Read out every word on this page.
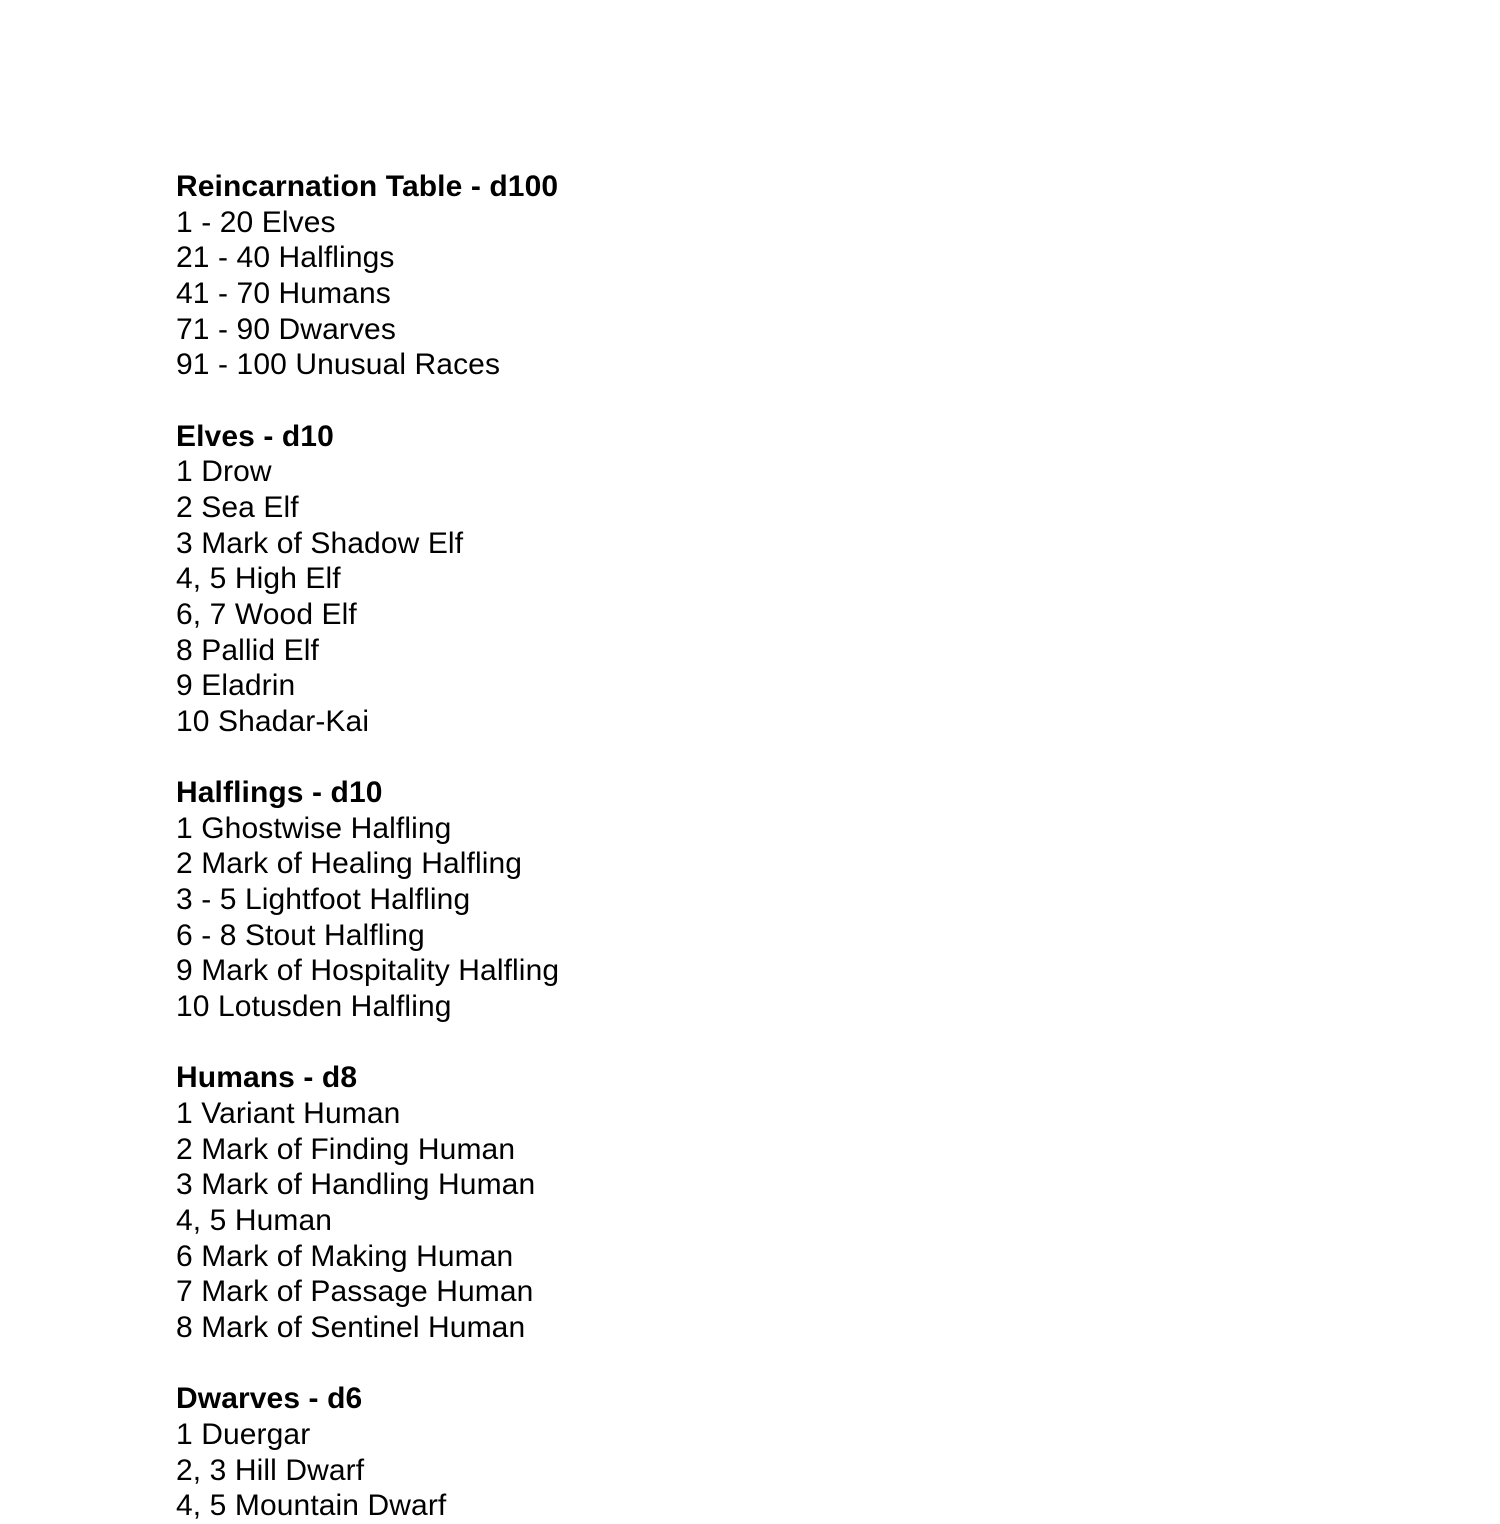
Reincarnation Table - d100
1 - 20 Elves
21 - 40 Halflings
41 - 70 Humans
71 - 90 Dwarves
91 - 100 Unusual Races
Elves - d10
1 Drow
2 Sea Elf
3 Mark of Shadow Elf
4, 5 High Elf
6, 7 Wood Elf
8 Pallid Elf
9 Eladrin
10 Shadar-Kai
Halflings - d10
1 Ghostwise Halfling
2 Mark of Healing Halfling
3 - 5 Lightfoot Halfling
6 - 8 Stout Halfling
9 Mark of Hospitality Halfling
10 Lotusden Halfling
Humans - d8
1 Variant Human
2 Mark of Finding Human
3 Mark of Handling Human
4, 5 Human
6 Mark of Making Human
7 Mark of Passage Human
8 Mark of Sentinel Human
Dwarves - d6
1 Duergar
2, 3 Hill Dwarf
4, 5 Mountain Dwarf
